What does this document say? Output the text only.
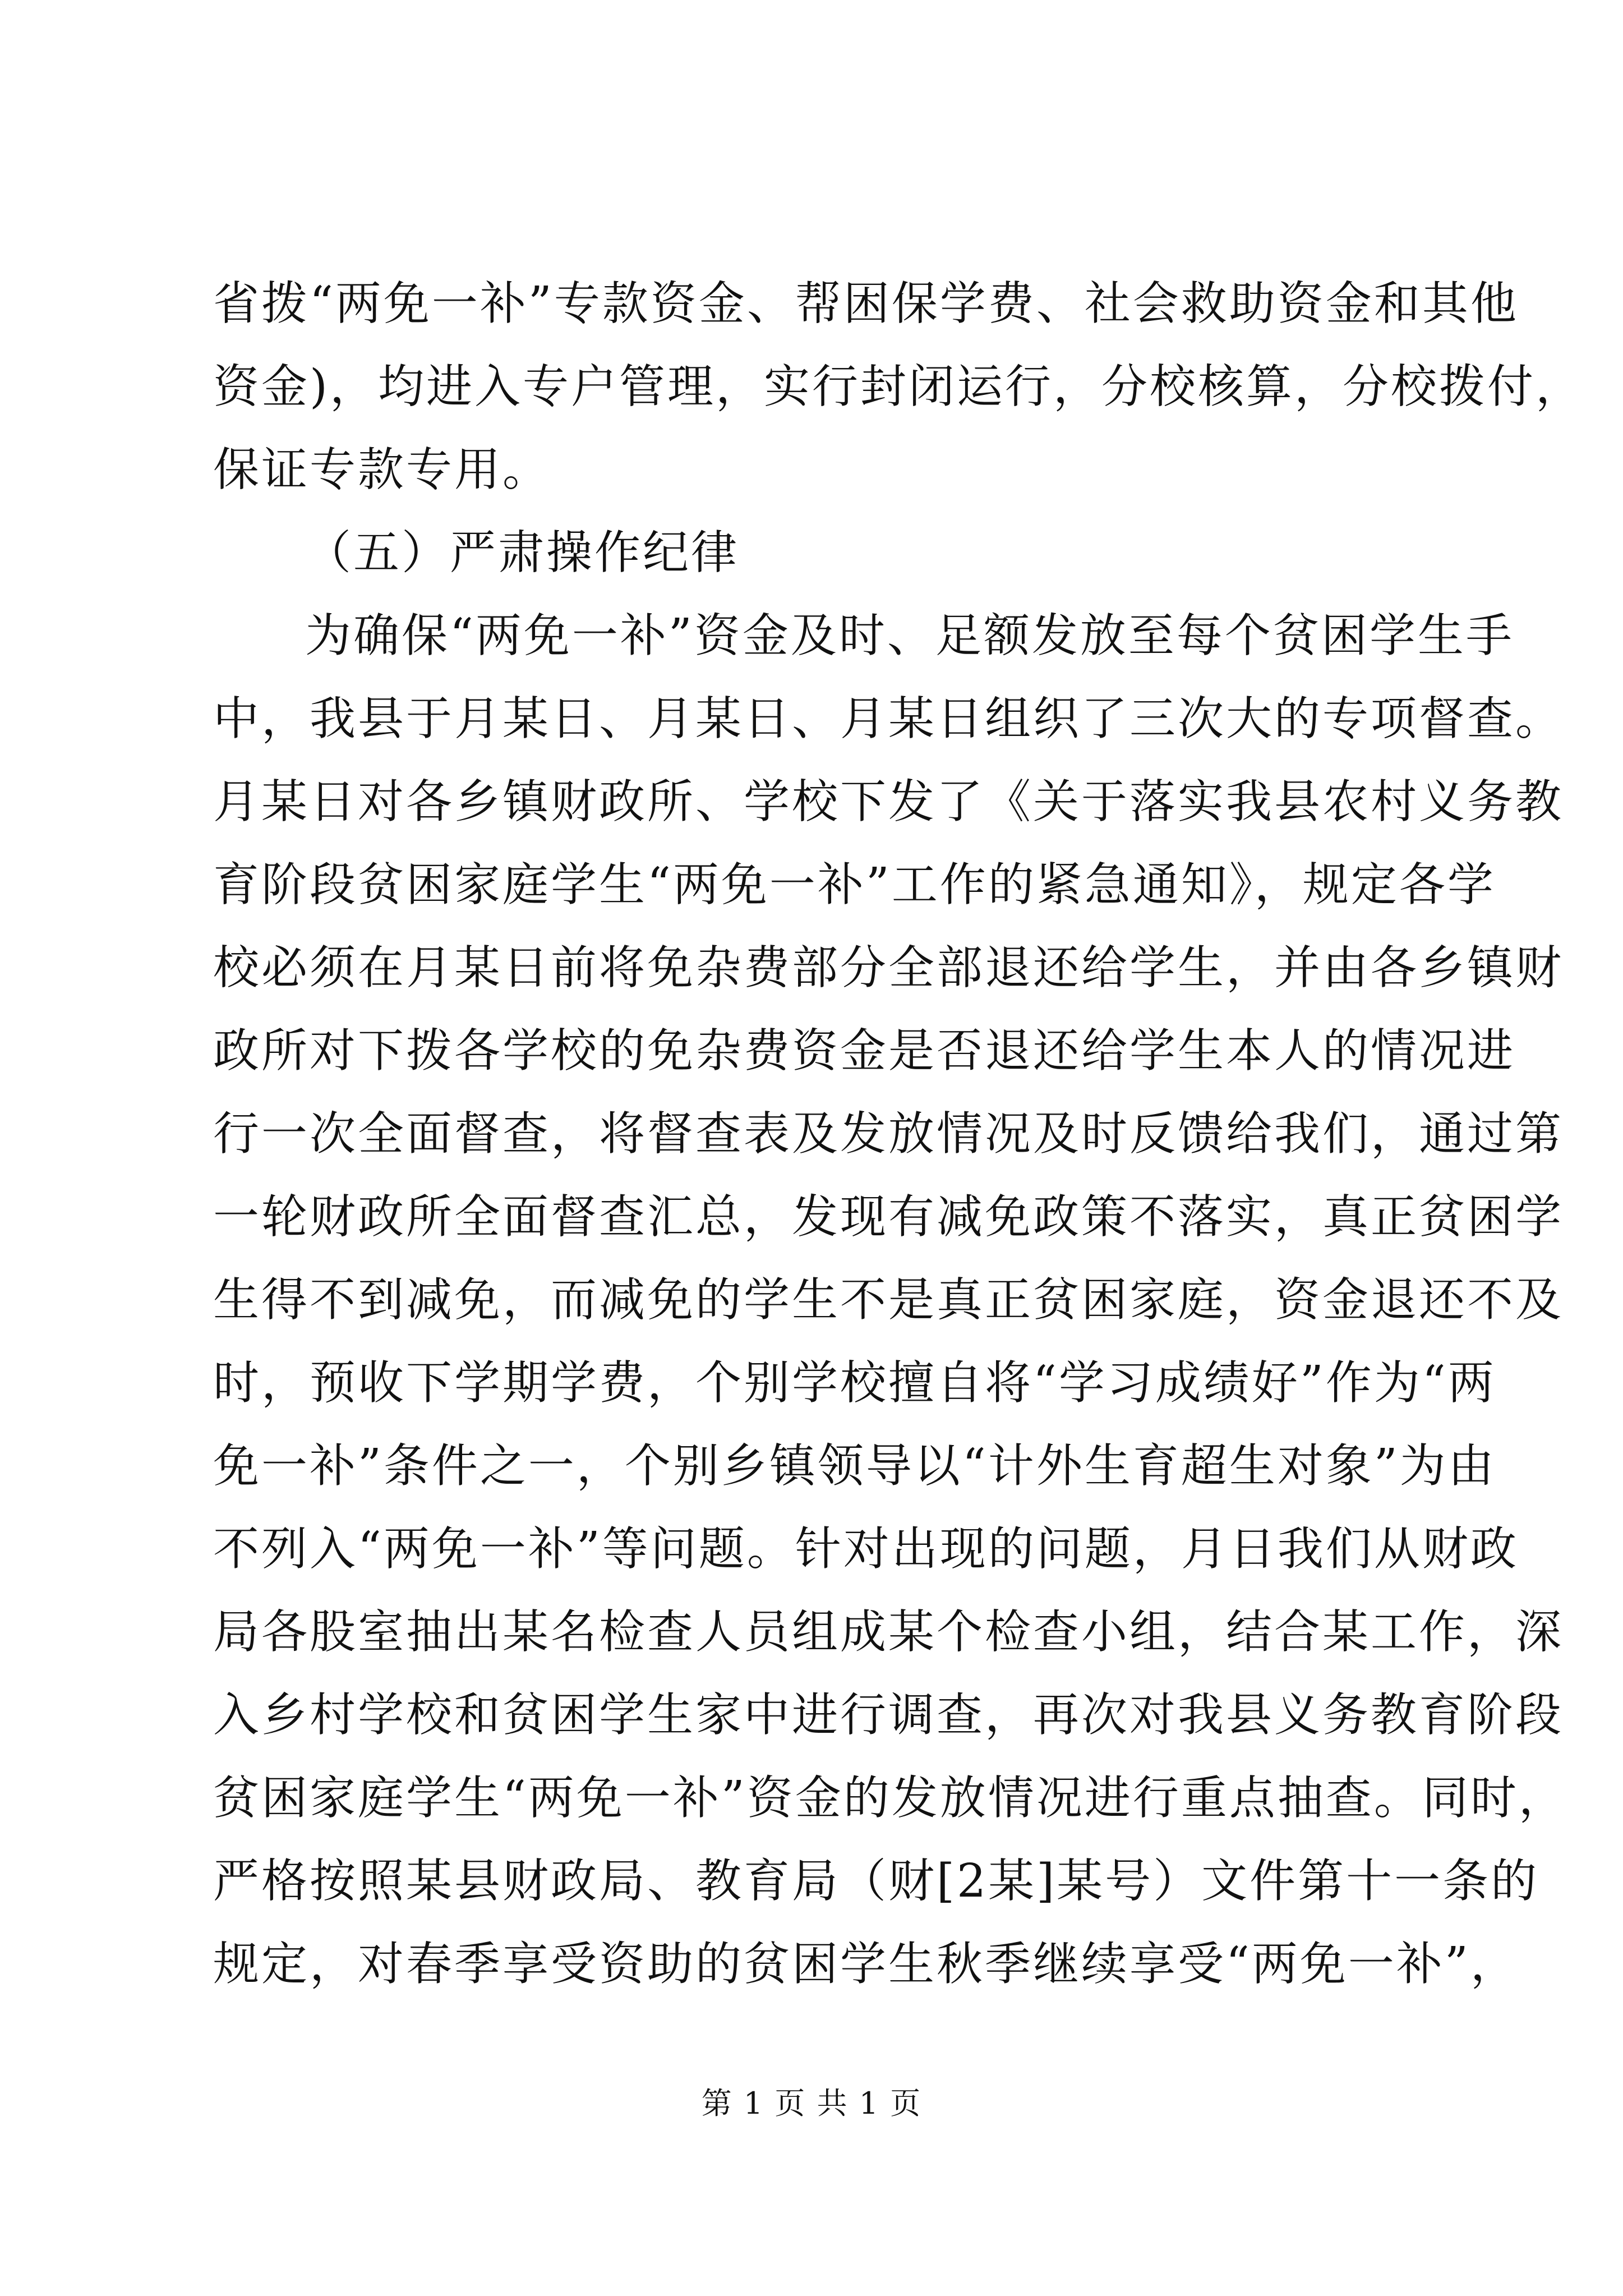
省拨“两免一补”专款资金、帮困保学费、社会救助资金和其他
资金)，均进入专户管理，实行封闭运行，分校核算，分校拨付，
保证专款专用。
（五）严肃操作纪律
为确保“两免一补”资金及时、足额发放至每个贫困学生手
中，我县于月某日、月某日、月某日组织了三次大的专项督查。
月某日对各乡镇财政所、学校下发了《关于落实我县农村义务教
育阶段贫困家庭学生“两免一补”工作的紧急通知》，规定各学
校必须在月某日前将免杂费部分全部退还给学生，并由各乡镇财
政所对下拨各学校的免杂费资金是否退还给学生本人的情况进
行一次全面督查，将督查表及发放情况及时反馈给我们，通过第
一轮财政所全面督查汇总，发现有减免政策不落实，真正贫困学
生得不到减免，而减免的学生不是真正贫困家庭，资金退还不及
时，预收下学期学费，个别学校擅自将“学习成绩好”作为“两
免一补”条件之一，个别乡镇领导以“计外生育超生对象”为由
不列入“两免一补”等问题。针对出现的问题，月日我们从财政
局各股室抽出某名检查人员组成某个检查小组，结合某工作，深
入乡村学校和贫困学生家中进行调查，再次对我县义务教育阶段
贫困家庭学生“两免一补”资金的发放情况进行重点抽查。同时，
严格按照某县财政局、教育局（财[2某]某号）文件第十一条的
规定，对春季享受资助的贫困学生秋季继续享受“两免一补”，
第 1 页 共 1 页
